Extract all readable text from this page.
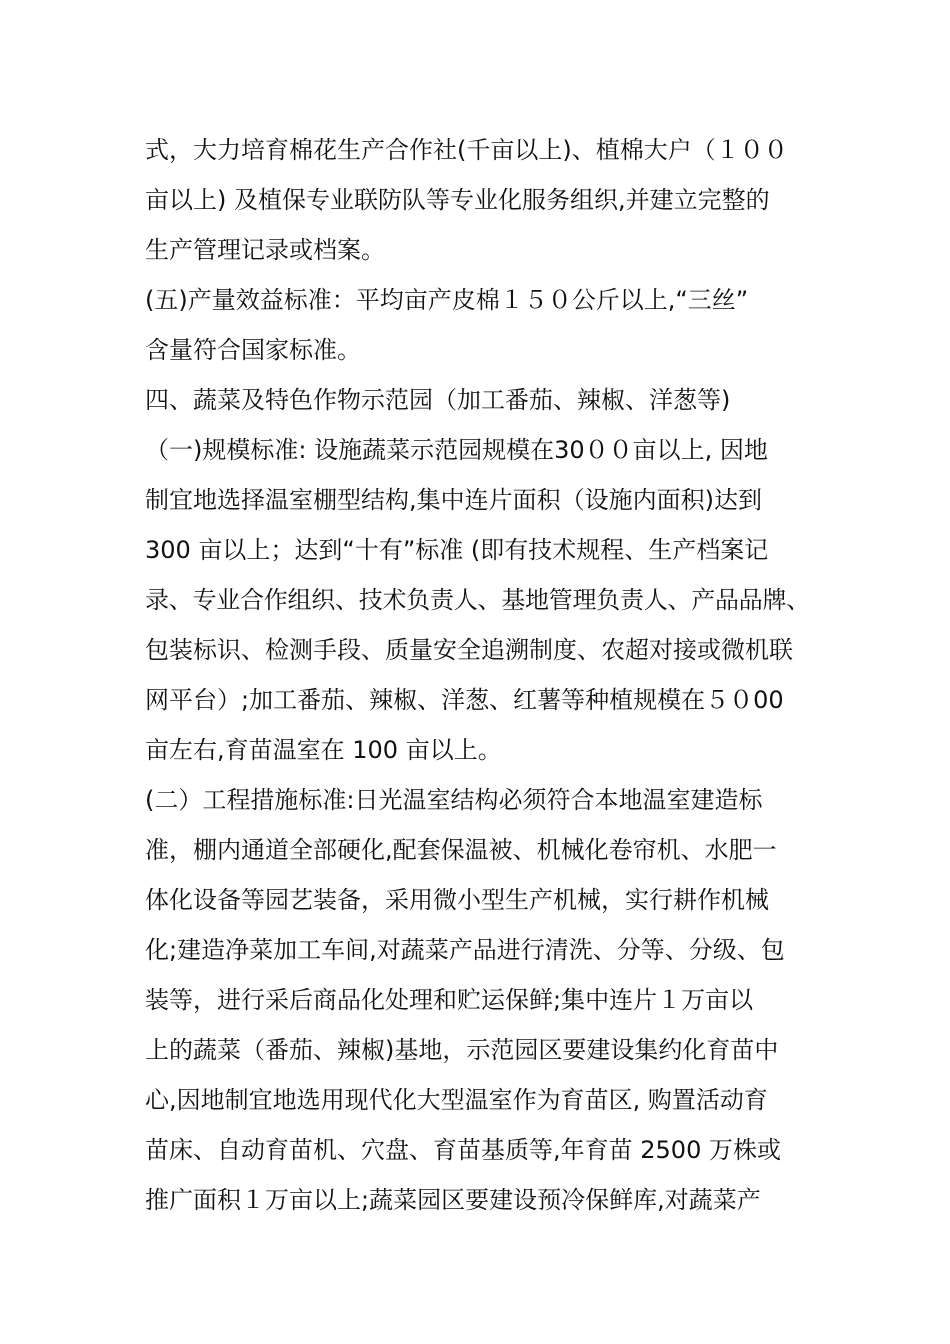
式，大力培育棉花生产合作社(千亩以上)、植棉大户（１００
亩以上) 及植保专业联防队等专业化服务组织,并建立完整的
生产管理记录或档案。
(五)产量效益标准：平均亩产皮棉１５０公斤以上,“三丝”
含量符合国家标准。
四、蔬菜及特色作物示范园（加工番茄、辣椒、洋葱等)
（一)规模标准: 设施蔬菜示范园规模在30００亩以上, 因地
制宜地选择温室棚型结构,集中连片面积（设施内面积)达到
300 亩以上；达到“十有”标准 (即有技术规程、生产档案记
录、专业合作组织、技术负责人、基地管理负责人、产品品牌、
包装标识、检测手段、质量安全追溯制度、农超对接或微机联
网平台）;加工番茄、辣椒、洋葱、红薯等种植规模在５０00
亩左右,育苗温室在 100 亩以上。
(二）工程措施标准:日光温室结构必须符合本地温室建造标
准，棚内通道全部硬化,配套保温被、机械化卷帘机、水肥一
体化设备等园艺装备，采用微小型生产机械，实行耕作机械
化;建造净菜加工车间,对蔬菜产品进行清洗、分等、分级、包
装等，进行采后商品化处理和贮运保鲜;集中连片１万亩以
上的蔬菜（番茄、辣椒)基地，示范园区要建设集约化育苗中
心,因地制宜地选用现代化大型温室作为育苗区, 购置活动育
苗床、自动育苗机、穴盘、育苗基质等,年育苗 2500 万株或
推广面积１万亩以上;蔬菜园区要建设预冷保鲜库,对蔬菜产
